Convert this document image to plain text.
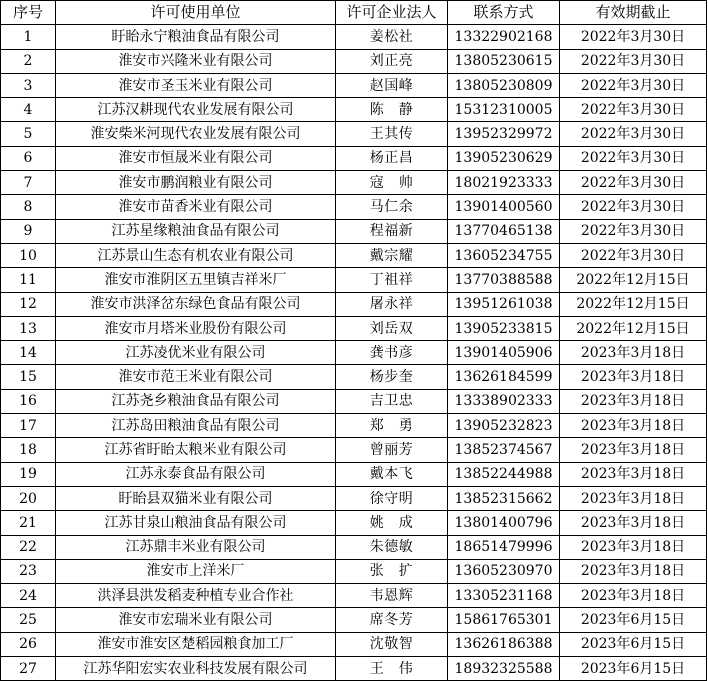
序号	许可使用单位	许可企业法人	联系方式	有效期截止
1	盱眙永宁粮油食品有限公司	姜松社	13322902168	2022年3月30日
2	淮安市兴隆米业有限公司	刘正亮	13805230615	2022年3月30日
3	淮安市圣玉米业有限公司	赵国峰	13805230809	2022年3月30日
4	江苏汉耕现代农业发展有限公司	陈　静	15312310005	2022年3月30日
5	淮安柴米河现代农业发展有限公司	王其传	13952329972	2022年3月30日
6	淮安市恒晟米业有限公司	杨正昌	13905230629	2022年3月30日
7	淮安市鹏润粮业有限公司	寇　帅	18021923333	2022年3月30日
8	淮安市苗香米业有限公司	马仁余	13901400560	2022年3月30日
9	江苏星缘粮油食品有限公司	程福新	13770465138	2022年3月30日
10	江苏景山生态有机农业有限公司	戴宗耀	13605234755	2022年3月30日
11	淮安市淮阴区五里镇吉祥米厂	丁祖祥	13770388588	2022年12月15日
12	淮安市洪泽岔东绿色食品有限公司	屠永祥	13951261038	2022年12月15日
13	淮安市月塔米业股份有限公司	刘岳双	13905233815	2022年12月15日
14	江苏凌优米业有限公司	龚书彦	13901405906	2023年3月18日
15	淮安市范王米业有限公司	杨步奎	13626184599	2023年3月18日
16	江苏尧乡粮油食品有限公司	吉卫忠	13338902333	2023年3月18日
17	江苏岛田粮油食品有限公司	郑　勇	13905232823	2023年3月18日
18	江苏省盱眙太粮米业有限公司	曾丽芳	13852374567	2023年3月18日
19	江苏永泰食品有限公司	戴本飞	13852244988	2023年3月18日
20	盱眙县双猫米业有限公司	徐守明	13852315662	2023年3月18日
21	江苏甘泉山粮油食品有限公司	姚　成	13801400796	2023年3月18日
22	江苏鼎丰米业有限公司	朱德敏	18651479996	2023年3月18日
23	淮安市上洋米厂	张　扩	13605230970	2023年3月18日
24	洪泽县洪发稻麦种植专业合作社	韦恩辉	13305231168	2023年3月18日
25	淮安市宏瑞米业有限公司	席冬芳	15861765301	2023年6月15日
26	淮安市淮安区楚稻园粮食加工厂	沈敬智	13626186388	2023年6月15日
27	江苏华阳宏实农业科技发展有限公司	王　伟	18932325588	2023年6月15日
